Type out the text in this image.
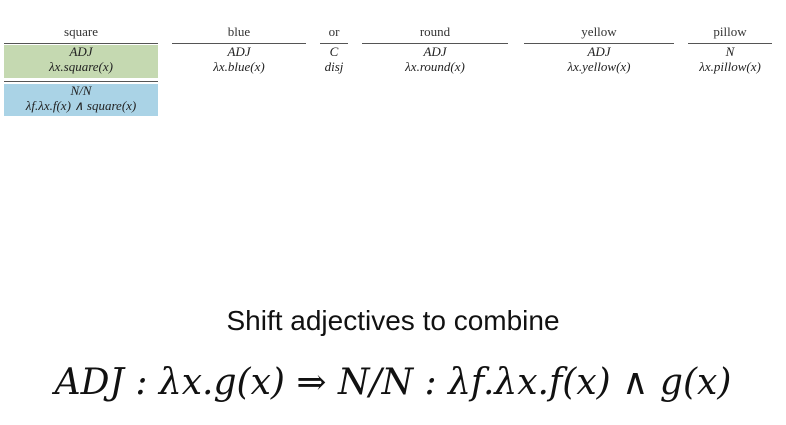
square
ADJ
λx.square(x)
N/N
λf.λx.f(x) ∧ square(x)
blue
ADJ
λx.blue(x)
or
C
disj
round
ADJ
λx.round(x)
yellow
ADJ
λx.yellow(x)
pillow
N
λx.pillow(x)
Shift adjectives to combine
ADJ : λx.g(x) ⇒ N/N : λf.λx.f(x) ∧ g(x)
